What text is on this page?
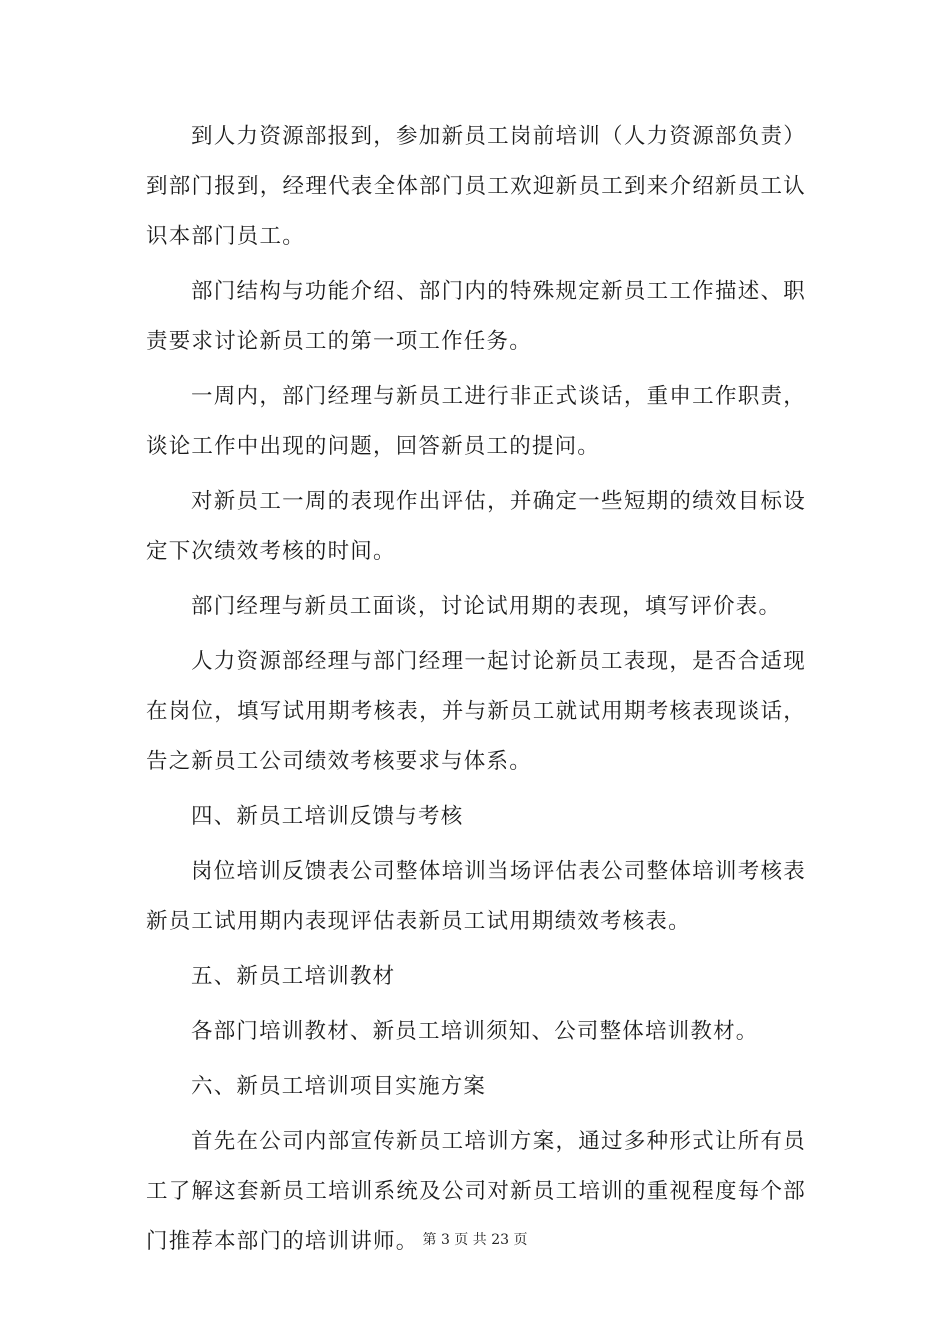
到人力资源部报到，参加新员工岗前培训（人力资源部负责）到部门报到，经理代表全体部门员工欢迎新员工到来介绍新员工认识本部门员工。

部门结构与功能介绍、部门内的特殊规定新员工工作描述、职责要求讨论新员工的第一项工作任务。

一周内，部门经理与新员工进行非正式谈话，重申工作职责，谈论工作中出现的问题，回答新员工的提问。

对新员工一周的表现作出评估，并确定一些短期的绩效目标设定下次绩效考核的时间。

部门经理与新员工面谈，讨论试用期的表现，填写评价表。

人力资源部经理与部门经理一起讨论新员工表现，是否合适现在岗位，填写试用期考核表，并与新员工就试用期考核表现谈话，告之新员工公司绩效考核要求与体系。

四、新员工培训反馈与考核

岗位培训反馈表公司整体培训当场评估表公司整体培训考核表新员工试用期内表现评估表新员工试用期绩效考核表。

五、新员工培训教材

各部门培训教材、新员工培训须知、公司整体培训教材。

六、新员工培训项目实施方案

首先在公司内部宣传新员工培训方案，通过多种形式让所有员工了解这套新员工培训系统及公司对新员工培训的重视程度每个部门推荐本部门的培训讲师。 第 3 页 共 23 页
